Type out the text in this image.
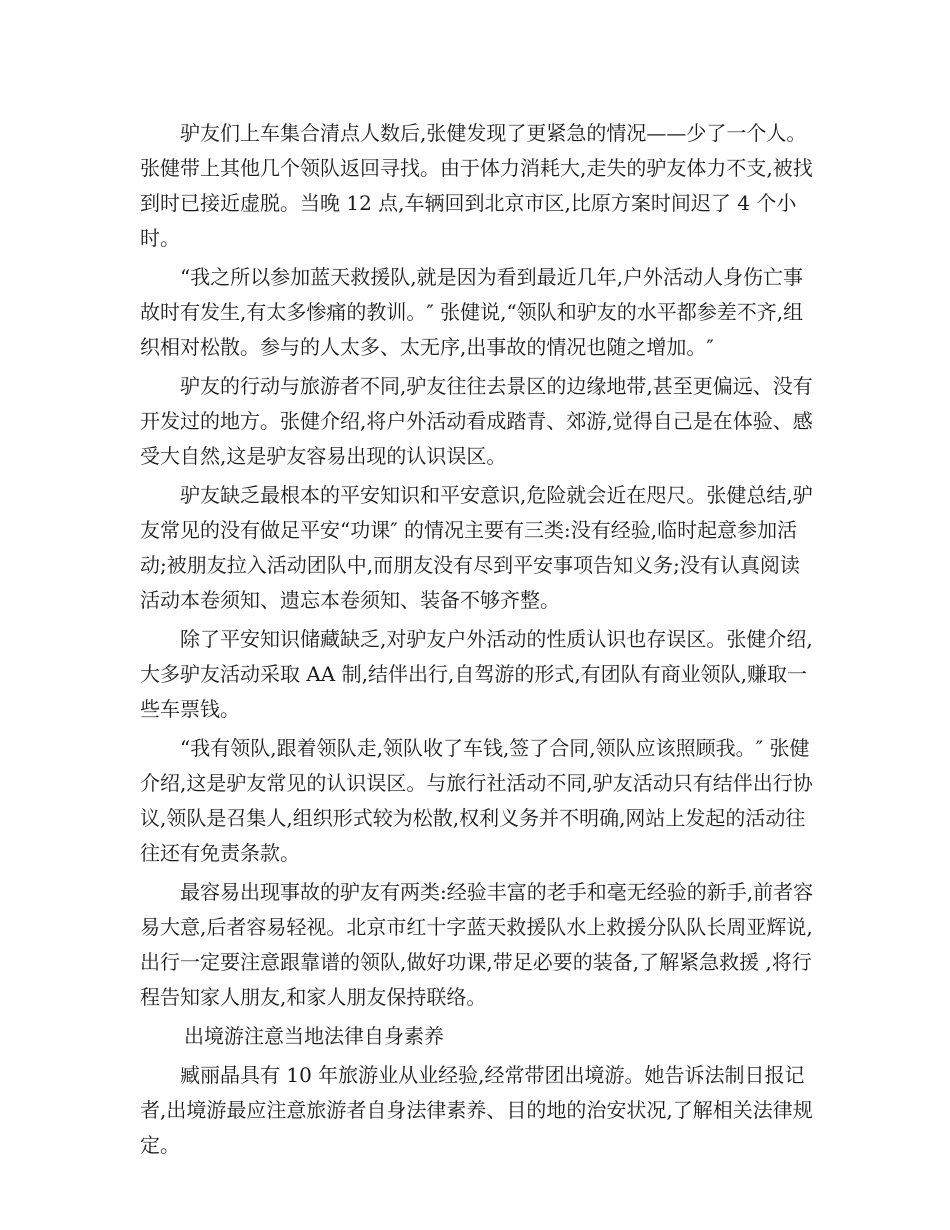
驴友们上车集合清点人数后,张健发现了更紧急的情况——少了一个人。张健带上其他几个领队返回寻找。由于体力消耗大,走失的驴友体力不支,被找到时已接近虚脱。当晚 12 点,车辆回到北京市区,比原方案时间迟了 4 个小时。

“我之所以参加蓝天救援队,就是因为看到最近几年,户外活动人身伤亡事故时有发生,有太多惨痛的教训。″ 张健说,“领队和驴友的水平都参差不齐,组织相对松散。参与的人太多、太无序,出事故的情况也随之增加。″

驴友的行动与旅游者不同,驴友往往去景区的边缘地带,甚至更偏远、没有开发过的地方。张健介绍,将户外活动看成踏青、郊游,觉得自己是在体验、感受大自然,这是驴友容易出现的认识误区。

驴友缺乏最根本的平安知识和平安意识,危险就会近在咫尺。张健总结,驴友常见的没有做足平安“功课″ 的情况主要有三类:没有经验,临时起意参加活动;被朋友拉入活动团队中,而朋友没有尽到平安事项告知义务;没有认真阅读活动本卷须知、遗忘本卷须知、装备不够齐整。

除了平安知识储藏缺乏,对驴友户外活动的性质认识也存误区。张健介绍,大多驴友活动采取 AA 制,结伴出行,自驾游的形式,有团队有商业领队,赚取一些车票钱。

“我有领队,跟着领队走,领队收了车钱,签了合同,领队应该照顾我。″ 张健介绍,这是驴友常见的认识误区。与旅行社活动不同,驴友活动只有结伴出行协议,领队是召集人,组织形式较为松散,权利义务并不明确,网站上发起的活动往往还有免责条款。

最容易出现事故的驴友有两类:经验丰富的老手和毫无经验的新手,前者容易大意,后者容易轻视。北京市红十字蓝天救援队水上救援分队队长周亚辉说,出行一定要注意跟靠谱的领队,做好功课,带足必要的装备,了解紧急救援 ,将行程告知家人朋友,和家人朋友保持联络。

出境游注意当地法律自身素养

臧丽晶具有 10 年旅游业从业经验,经常带团出境游。她告诉法制日报记者,出境游最应注意旅游者自身法律素养、目的地的治安状况,了解相关法律规定。
